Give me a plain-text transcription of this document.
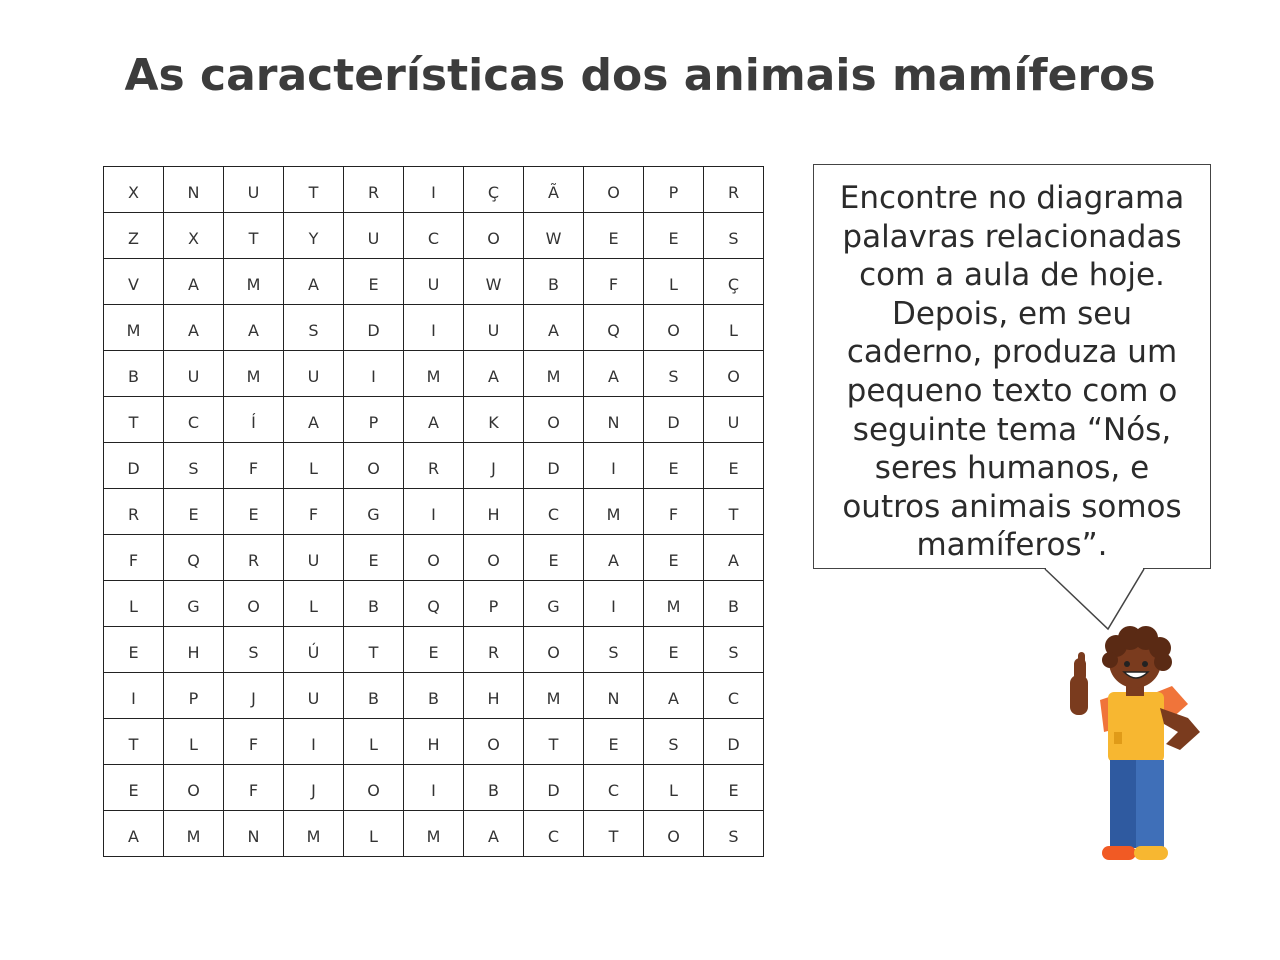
As características dos animais mamíferos
X	N	U	T	R	I	Ç	Ã	O	P	R
Z	X	T	Y	U	C	O	W	E	E	S
V	A	M	A	E	U	W	B	F	L	Ç
M	A	A	S	D	I	U	A	Q	O	L
B	U	M	U	I	M	A	M	A	S	O
T	C	Í	A	P	A	K	O	N	D	U
D	S	F	L	O	R	J	D	I	E	E
R	E	E	F	G	I	H	C	M	F	T
F	Q	R	U	E	O	O	E	A	E	A
L	G	O	L	B	Q	P	G	I	M	B
E	H	S	Ú	T	E	R	O	S	E	S
I	P	J	U	B	B	H	M	N	A	C
T	L	F	I	L	H	O	T	E	S	D
E	O	F	J	O	I	B	D	C	L	E
A	M	N	M	L	M	A	C	T	O	S
Encontre no diagrama palavras relacionadas com a aula de hoje. Depois, em seu caderno, produza um pequeno texto com o seguinte tema “Nós, seres humanos, e outros animais somos mamíferos”.
